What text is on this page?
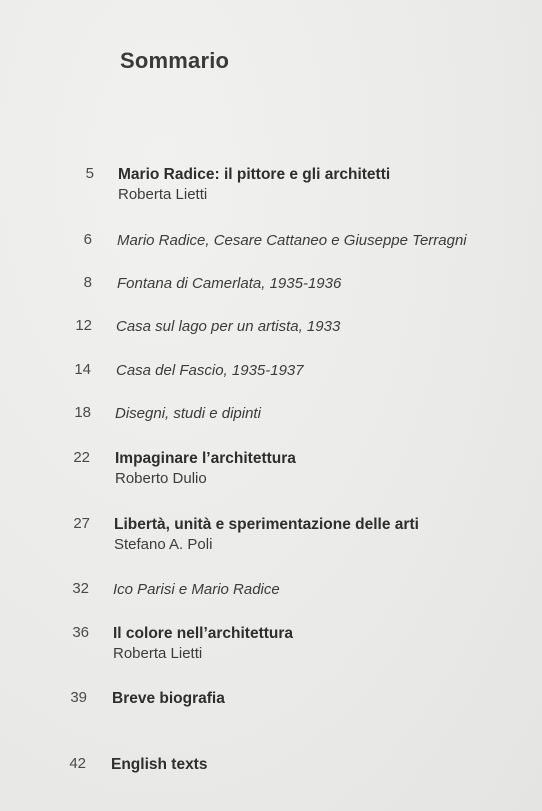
Sommario
5 Mario Radice: il pittore e gli architetti
Roberta Lietti
6 Mario Radice, Cesare Cattaneo e Giuseppe Terragni
8 Fontana di Camerlata, 1935-1936
12 Casa sul lago per un artista, 1933
14 Casa del Fascio, 1935-1937
18 Disegni, studi e dipinti
22 Impaginare l’architettura
Roberto Dulio
27 Libertà, unità e sperimentazione delle arti
Stefano A. Poli
32 Ico Parisi e Mario Radice
36 Il colore nell’architettura
Roberta Lietti
39 Breve biografia
42 English texts
